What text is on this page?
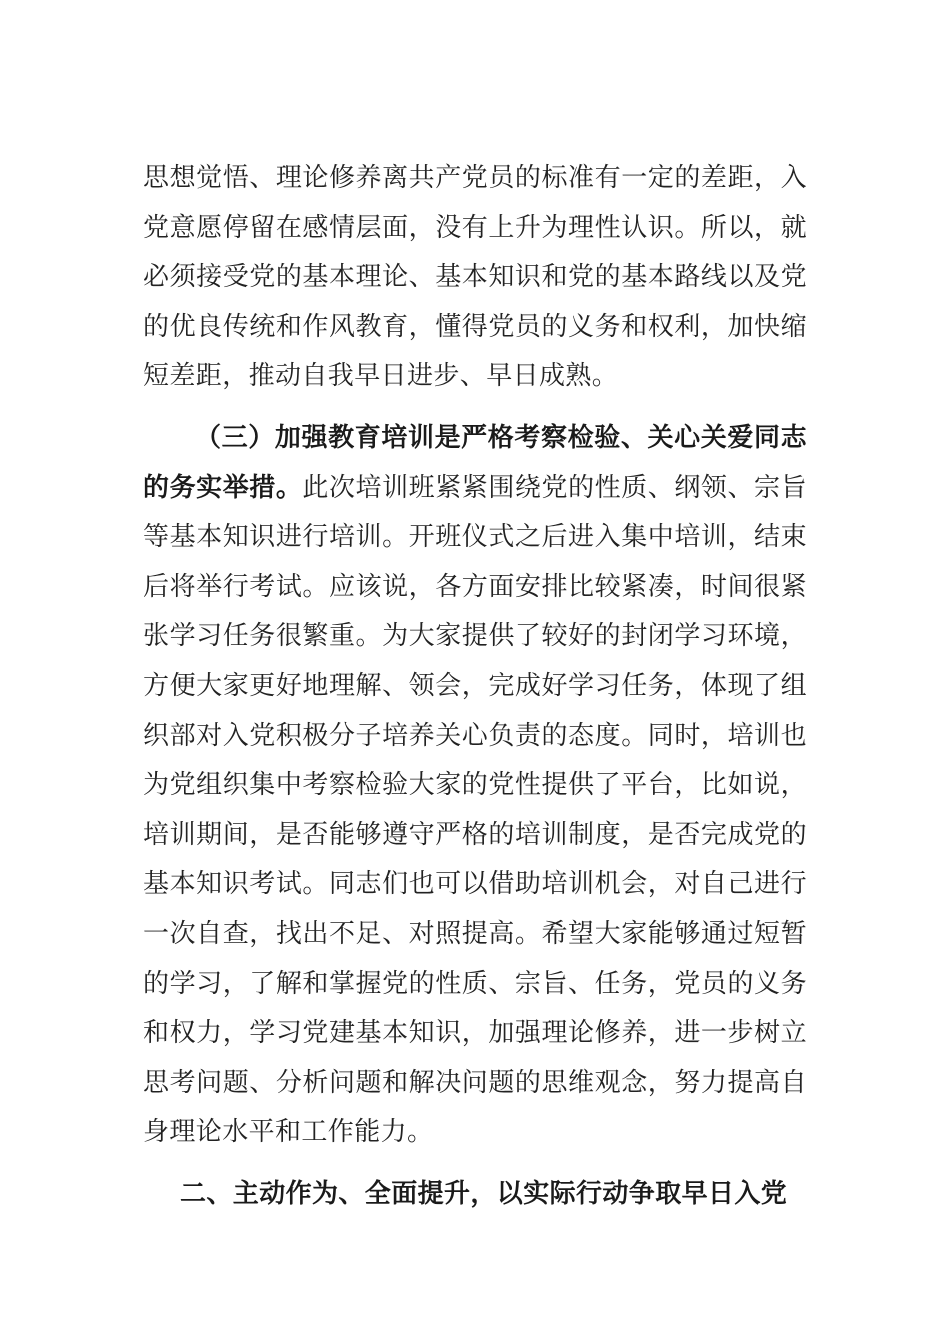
思想觉悟、理论修养离共产党员的标准有一定的差距，入党意愿停留在感情层面，没有上升为理性认识。所以，就必须接受党的基本理论、基本知识和党的基本路线以及党的优良传统和作风教育，懂得党员的义务和权利，加快缩短差距，推动自我早日进步、早日成熟。

（三）加强教育培训是严格考察检验、关心关爱同志的务实举措。此次培训班紧紧围绕党的性质、纲领、宗旨等基本知识进行培训。开班仪式之后进入集中培训，结束后将举行考试。应该说，各方面安排比较紧凑，时间很紧张学习任务很繁重。为大家提供了较好的封闭学习环境，方便大家更好地理解、领会，完成好学习任务，体现了组织部对入党积极分子培养关心负责的态度。同时，培训也为党组织集中考察检验大家的党性提供了平台，比如说，培训期间，是否能够遵守严格的培训制度，是否完成党的基本知识考试。同志们也可以借助培训机会，对自己进行一次自查，找出不足、对照提高。希望大家能够通过短暂的学习，了解和掌握党的性质、宗旨、任务，党员的义务和权力，学习党建基本知识，加强理论修养，进一步树立思考问题、分析问题和解决问题的思维观念，努力提高自身理论水平和工作能力。

二、主动作为、全面提升，以实际行动争取早日入党
